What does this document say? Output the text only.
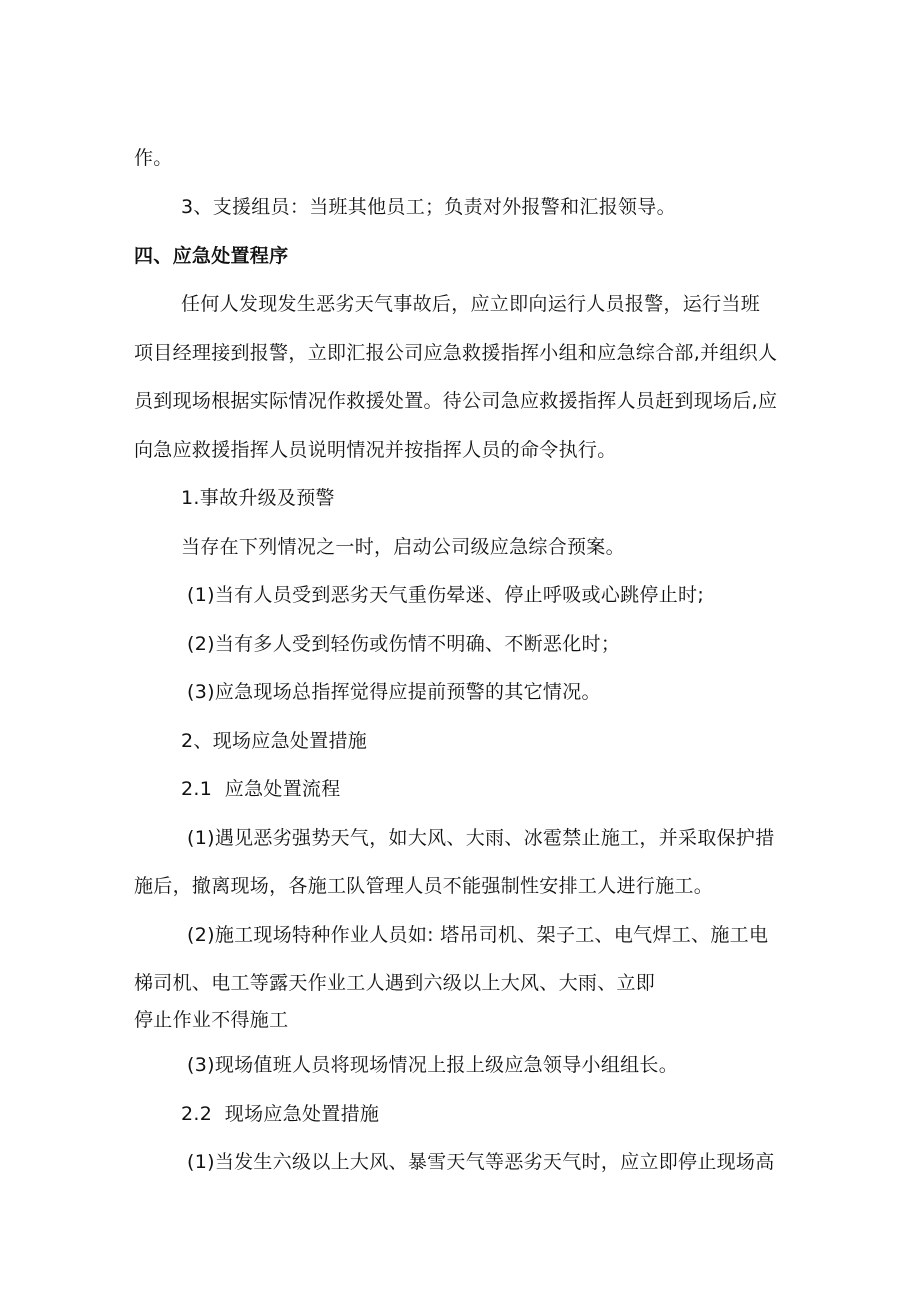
作。
3、支援组员：当班其他员工；负责对外报警和汇报领导。
四、应急处置程序
任何人发现发生恶劣天气事故后，应立即向运行人员报警，运行当班
项目经理接到报警，立即汇报公司应急救援指挥小组和应急综合部,并组织人
员到现场根据实际情况作救援处置。待公司急应救援指挥人员赶到现场后,应
向急应救援指挥人员说明情况并按指挥人员的命令执行。
1.事故升级及预警
当存在下列情况之一时，启动公司级应急综合预案。
(1)当有人员受到恶劣天气重伤晕迷、停止呼吸或心跳停止时;
(2)当有多人受到轻伤或伤情不明确、不断恶化时；
(3)应急现场总指挥觉得应提前预警的其它情况。
2、现场应急处置措施
2.1  应急处置流程
(1)遇见恶劣强势天气，如大风、大雨、冰雹禁止施工，并采取保护措
施后，撤离现场，各施工队管理人员不能强制性安排工人进行施工。
(2)施工现场特种作业人员如: 塔吊司机、架子工、电气焊工、施工电
梯司机、电工等露天作业工人遇到六级以上大风、大雨、立即
停止作业不得施工
(3)现场值班人员将现场情况上报上级应急领导小组组长。
2.2  现场应急处置措施
(1)当发生六级以上大风、暴雪天气等恶劣天气时，应立即停止现场高
